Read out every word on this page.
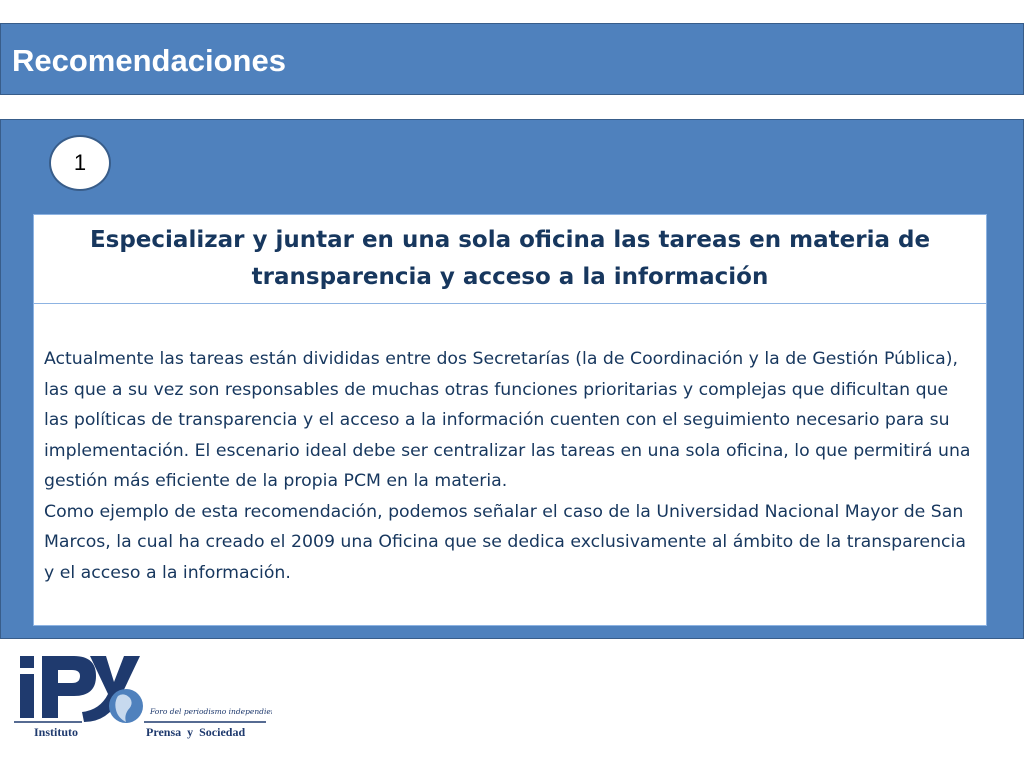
Recomendaciones
1
Especializar y juntar en una sola oficina las tareas en materia de transparencia y acceso a la información

Actualmente las tareas están divididas entre dos Secretarías (la de Coordinación y la de Gestión Pública), las que a su vez son responsables de muchas otras funciones prioritarias y complejas que dificultan que las políticas de transparencia y el acceso a la información cuenten con el seguimiento necesario para su implementación. El escenario ideal debe ser centralizar las tareas en una sola oficina, lo que permitirá una gestión más eficiente de la propia PCM en la materia.

Como ejemplo de esta recomendación, podemos señalar el caso de la Universidad Nacional Mayor de San Marcos, la cual ha creado el 2009 una Oficina que se dedica exclusivamente al ámbito de la transparencia y el acceso a la información.

Foro del periodismo independiente
Instituto	Prensa  y  Sociedad
